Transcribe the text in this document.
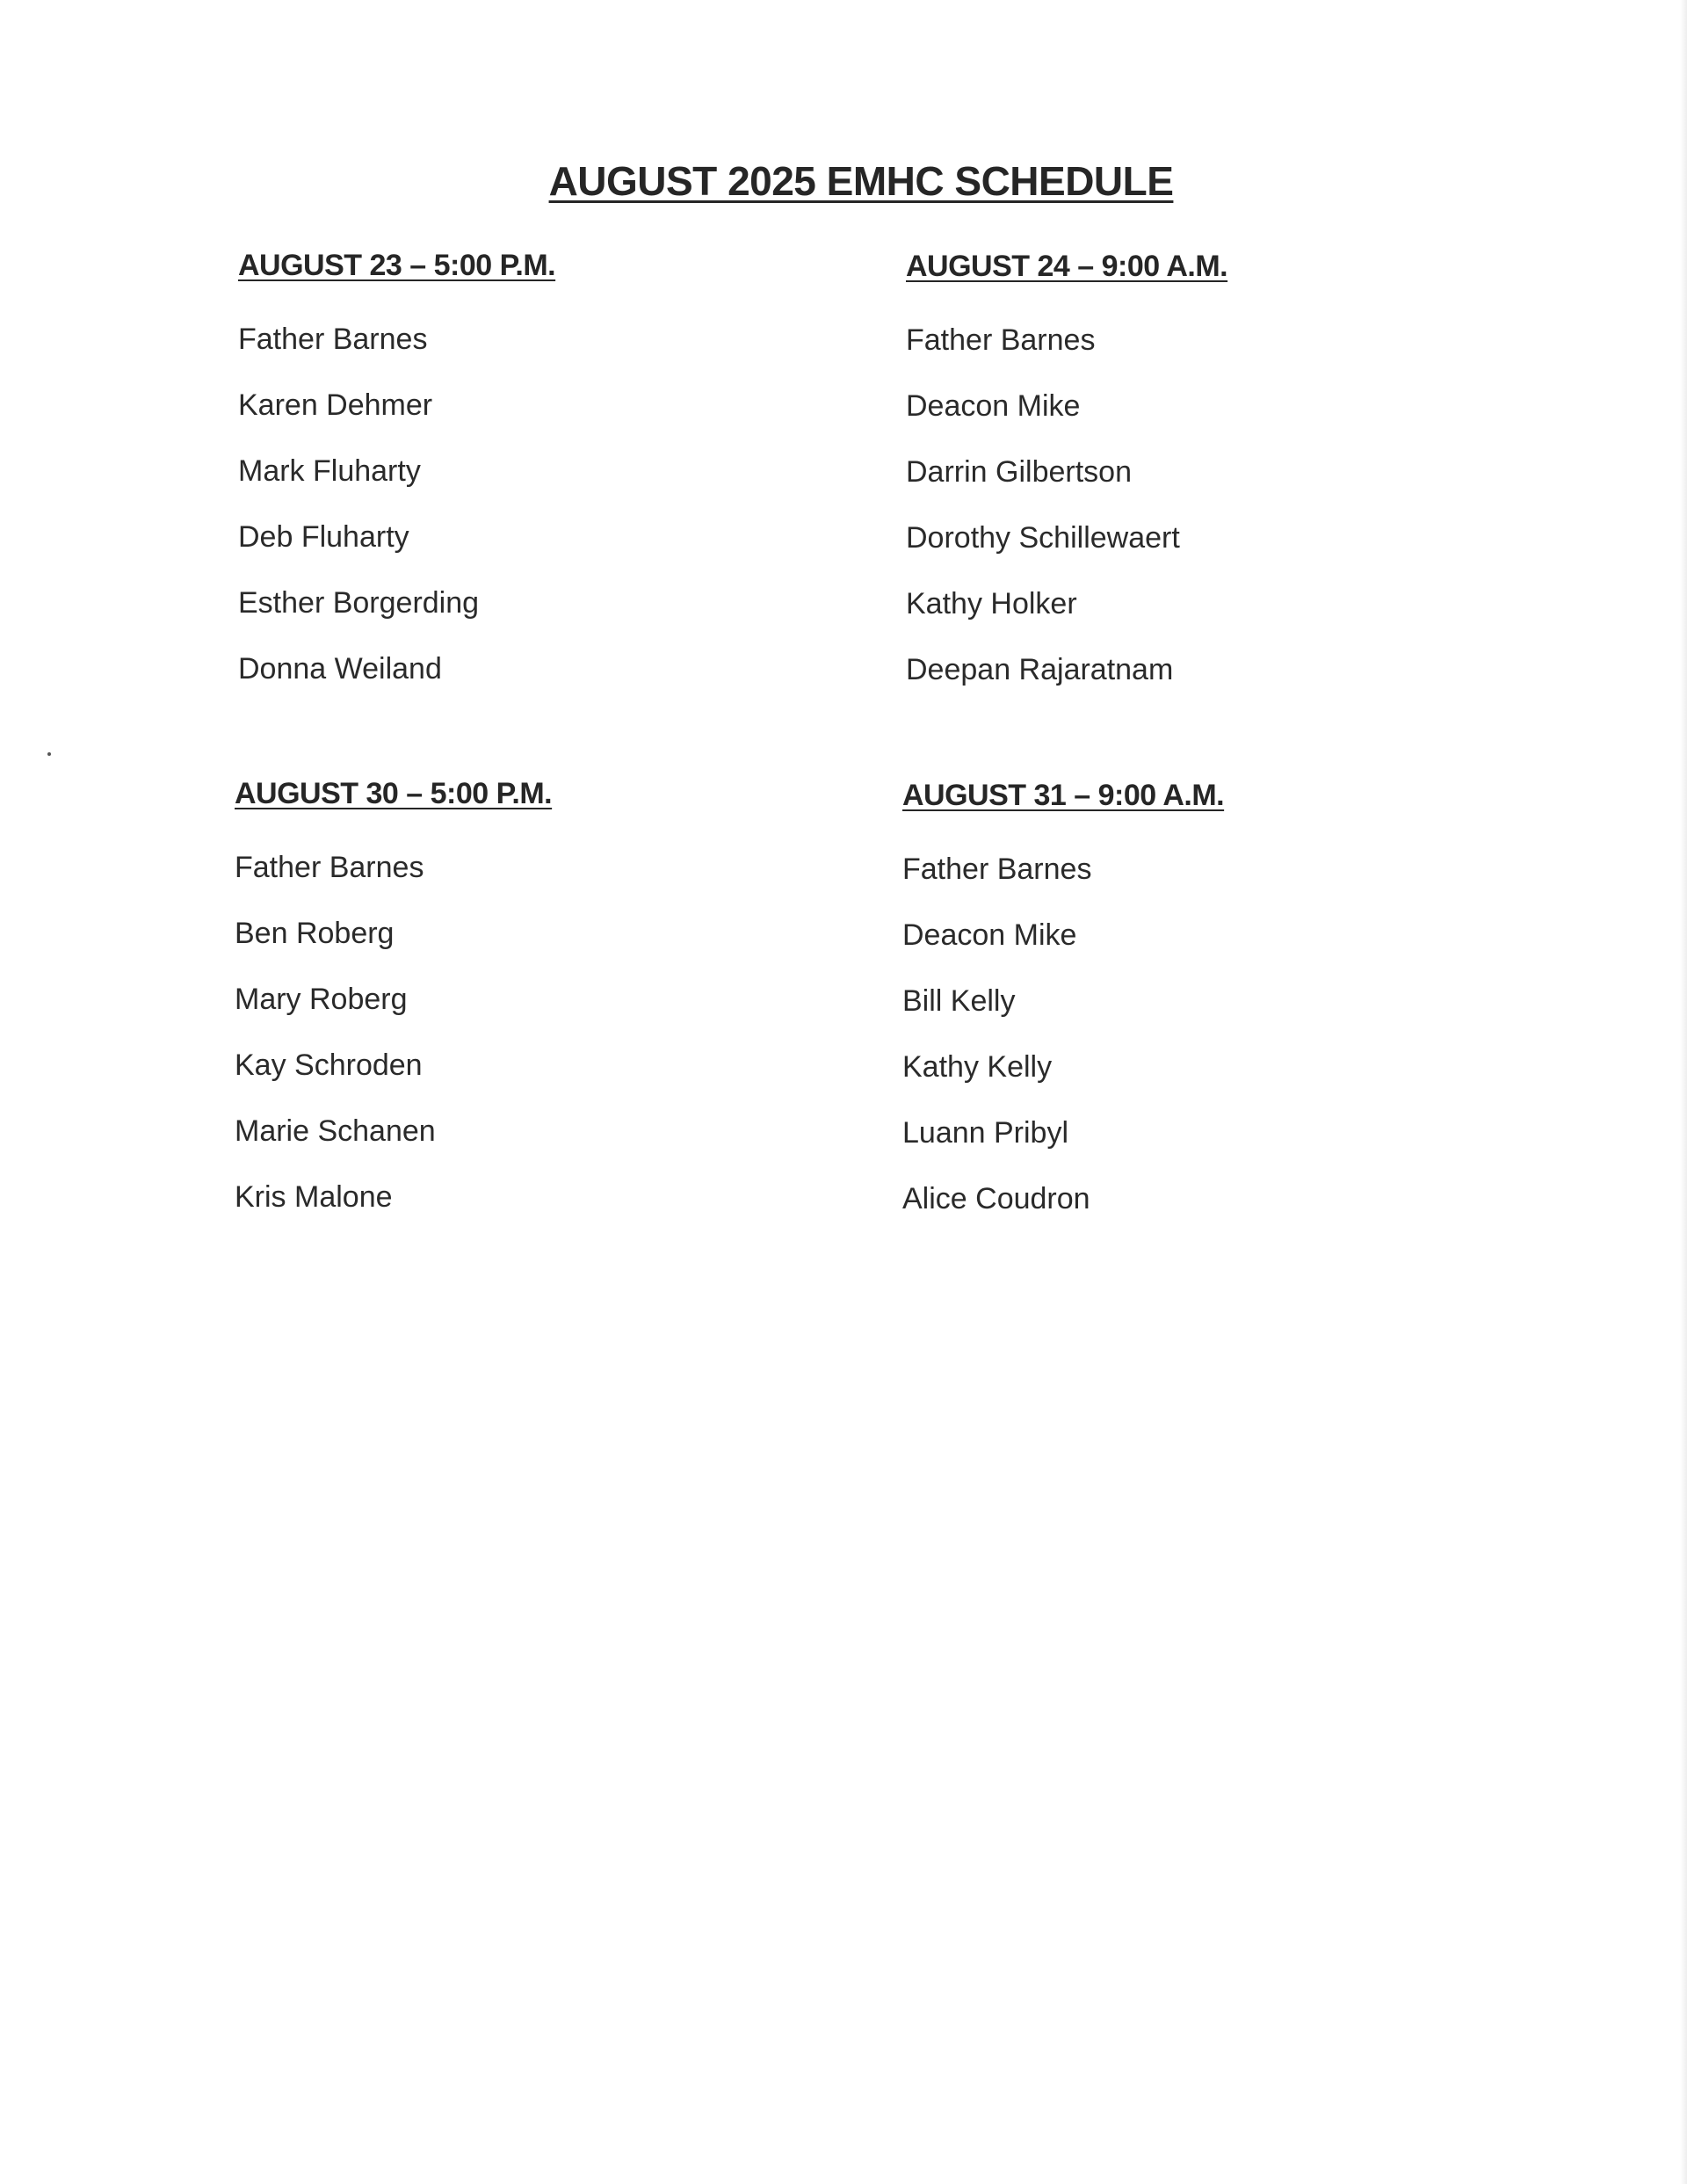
AUGUST 2025 EMHC SCHEDULE
AUGUST 23 – 5:00 P.M.
Father Barnes
Karen Dehmer
Mark Fluharty
Deb Fluharty
Esther Borgerding
Donna Weiland
AUGUST 24 – 9:00 A.M.
Father Barnes
Deacon Mike
Darrin Gilbertson
Dorothy Schillewaert
Kathy Holker
Deepan Rajaratnam
AUGUST 30 – 5:00 P.M.
Father Barnes
Ben Roberg
Mary Roberg
Kay Schroden
Marie Schanen
Kris Malone
AUGUST 31 – 9:00 A.M.
Father Barnes
Deacon Mike
Bill Kelly
Kathy Kelly
Luann Pribyl
Alice Coudron
